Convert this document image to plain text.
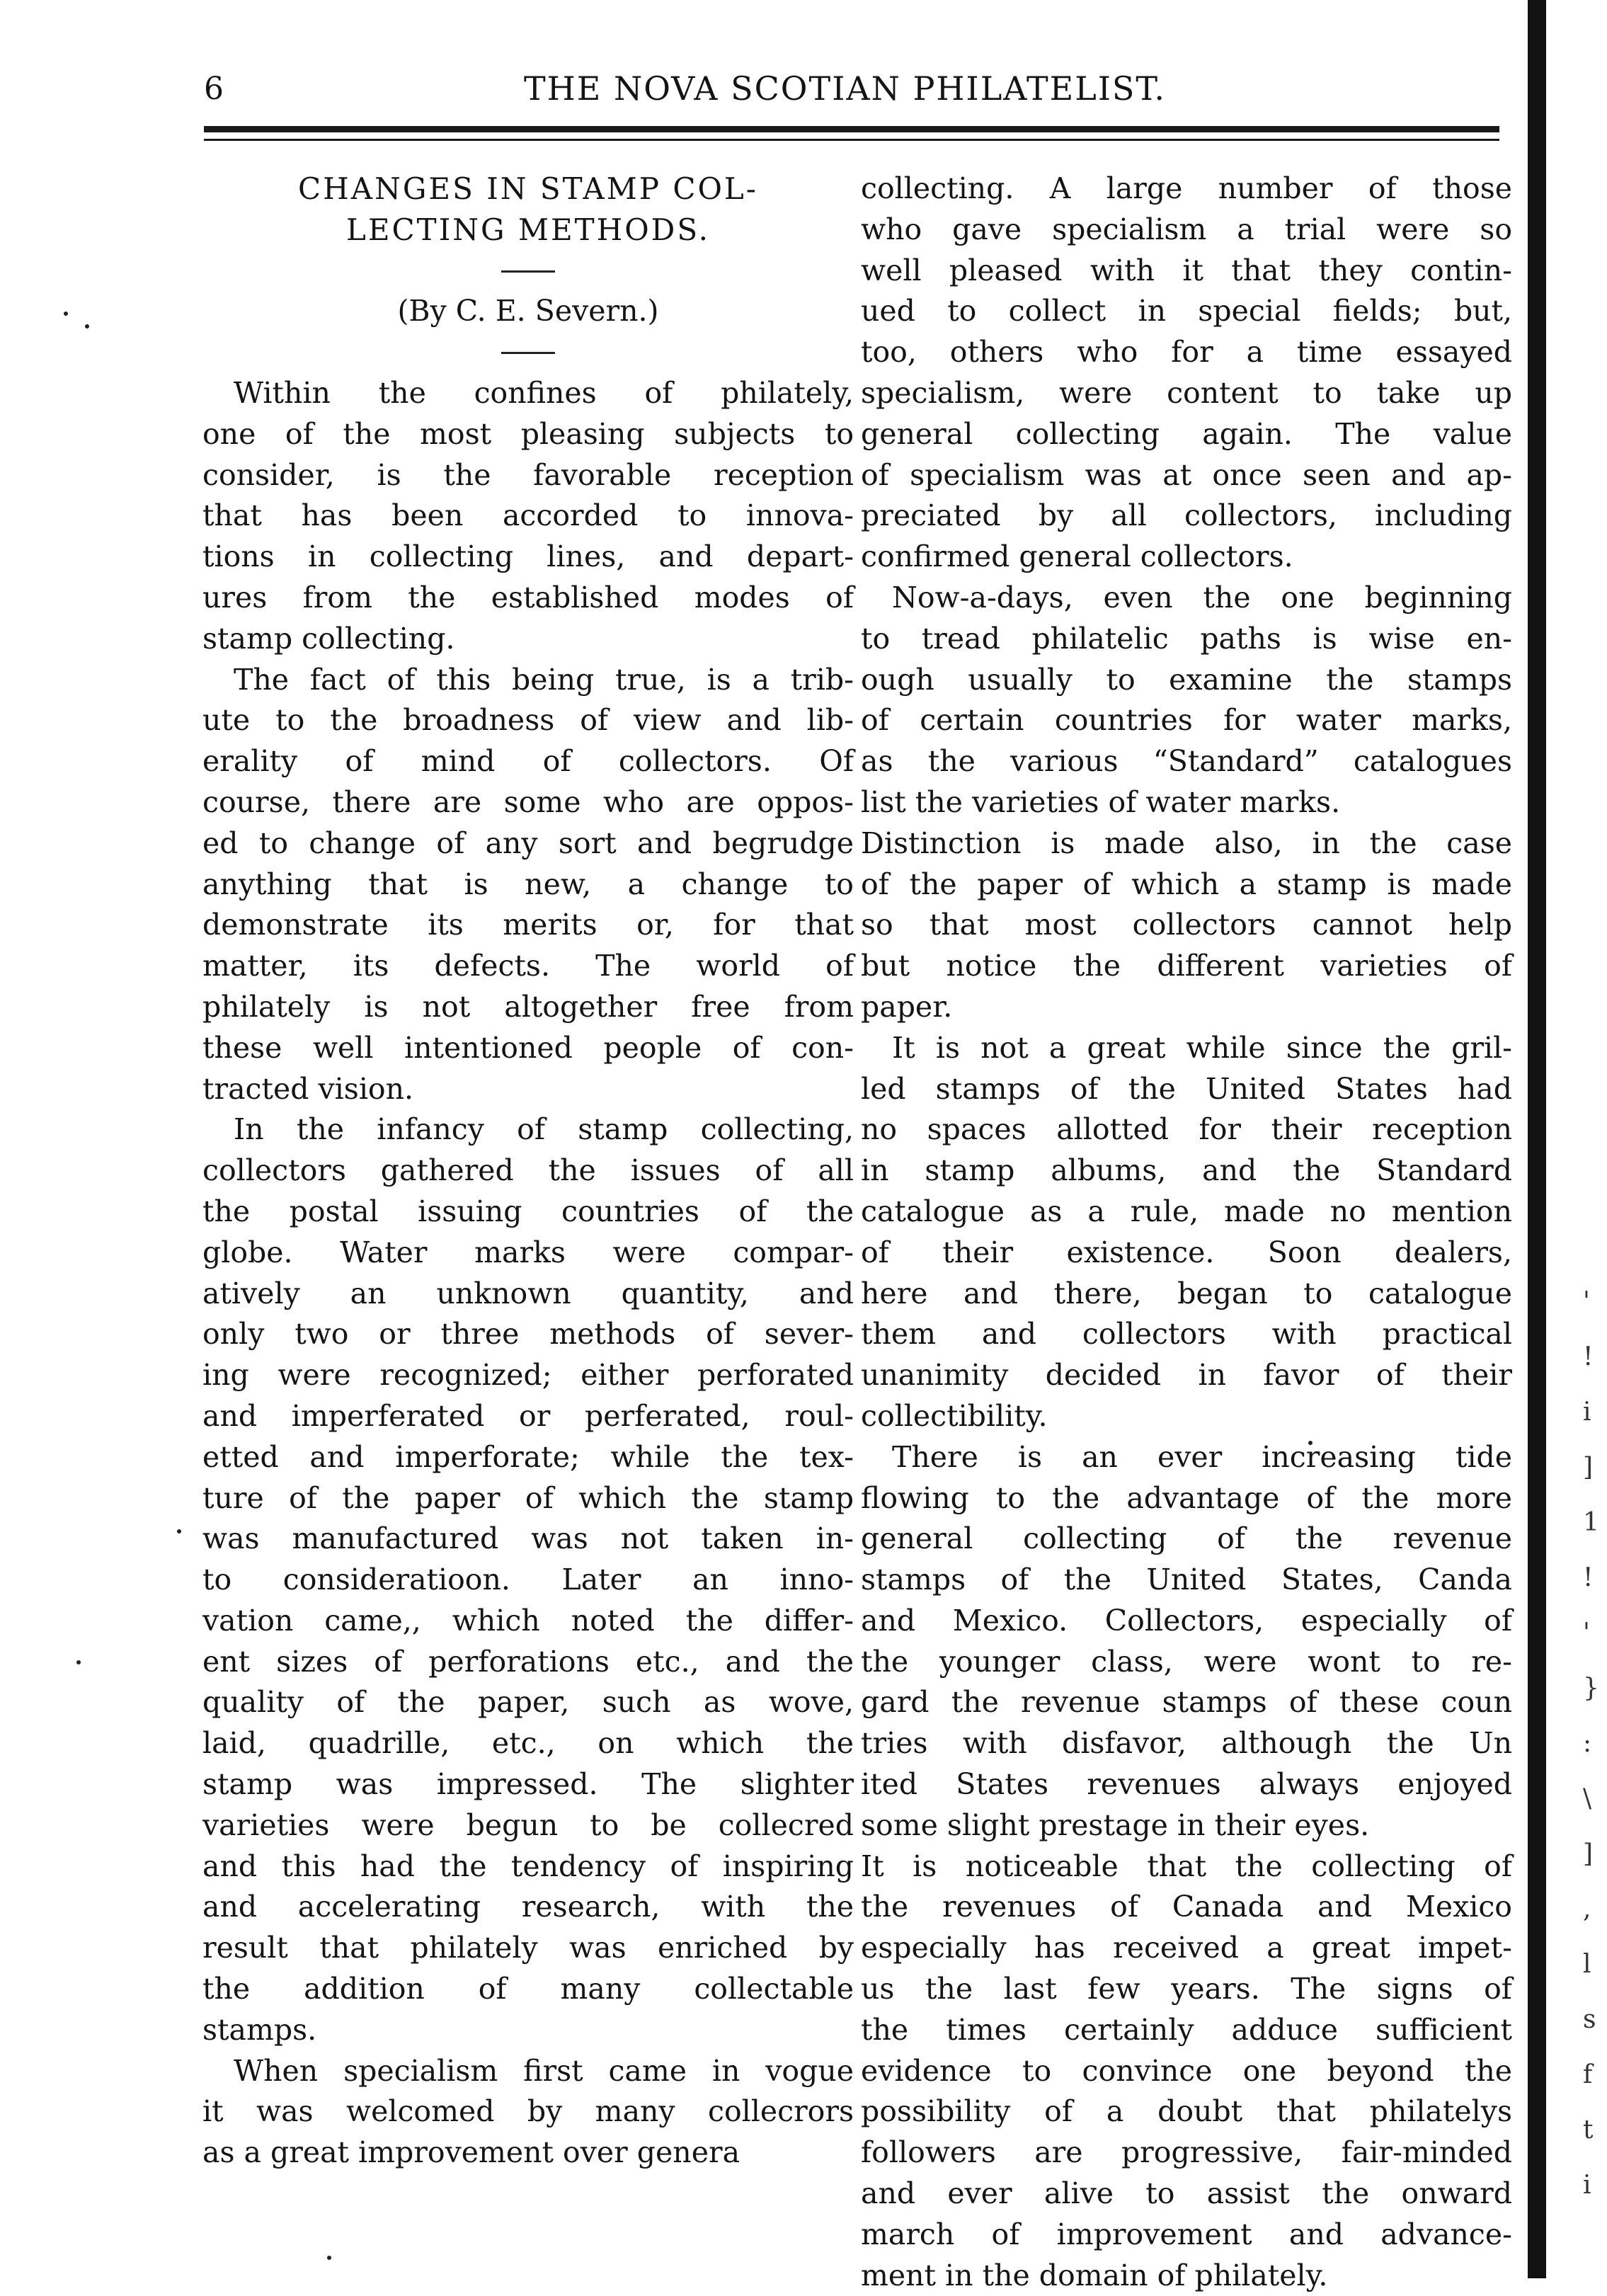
6	THE NOVA SCOTIAN PHILATELIST.
'
!
i
]
1
!
'
}
:
\
]
,
l
s
f
t
i
CHANGES IN STAMP COL-
LECTING METHODS.
(By C. E. Severn.)
Within the confines of philately,
one of the most pleasing subjects to
consider, is the favorable reception
that has been accorded to innova-
tions in collecting lines, and depart-
ures from the established modes of
stamp collecting.
The fact of this being true, is a trib-
ute to the broadness of view and lib-
erality of mind of collectors. Of
course, there are some who are oppos-
ed to change of any sort and begrudge
anything that is new, a change to
demonstrate its merits or, for that
matter, its defects. The world of
philately is not altogether free from
these well intentioned people of con-
tracted vision.
In the infancy of stamp collecting,
collectors gathered the issues of all
the postal issuing countries of the
globe. Water marks were compar-
atively an unknown quantity, and
only two or three methods of sever-
ing were recognized; either perforated
and imperferated or perferated, roul-
etted and imperforate; while the tex-
ture of the paper of which the stamp
was manufactured was not taken in-
to consideratioon. Later an inno-
vation came,, which noted the differ-
ent sizes of perforations etc., and the
quality of the paper, such as wove,
laid, quadrille, etc., on which the
stamp was impressed. The slighter
varieties were begun to be collecred
and this had the tendency of inspiring
and accelerating research, with the
result that philately was enriched by
the addition of many collectable
stamps.
When specialism first came in vogue
it was welcomed by many collecrors
as a great improvement over genera
collecting. A large number of those
who gave specialism a trial were so
well pleased with it that they contin-
ued to collect in special fields; but,
too, others who for a time essayed
specialism, were content to take up
general collecting again. The value
of specialism was at once seen and ap-
preciated by all collectors, including
confirmed general collectors.
Now-a-days, even the one beginning
to tread philatelic paths is wise en-
ough usually to examine the stamps
of certain countries for water marks,
as the various “Standard” catalogues
list the varieties of water marks.
Distinction is made also, in the case
of the paper of which a stamp is made
so that most collectors cannot help
but notice the different varieties of
paper.
It is not a great while since the gril-
led stamps of the United States had
no spaces allotted for their reception
in stamp albums, and the Standard
catalogue as a rule, made no mention
of their existence. Soon dealers,
here and there, began to catalogue
them and collectors with practical
unanimity decided in favor of their
collectibility.
There is an ever increasing tide
flowing to the advantage of the more
general collecting of the revenue
stamps of the United States, Canda
and Mexico. Collectors, especially of
the younger class, were wont to re-
gard the revenue stamps of these coun
tries with disfavor, although the Un
ited States revenues always enjoyed
some slight prestage in their eyes.
It is noticeable that the collecting of
the revenues of Canada and Mexico
especially has received a great impet-
us the last few years. The signs of
the times certainly adduce sufficient
evidence to convince one beyond the
possibility of a doubt that philatelys
followers are progressive, fair-minded
and ever alive to assist the onward
march of improvement and advance-
ment in the domain of philately.
